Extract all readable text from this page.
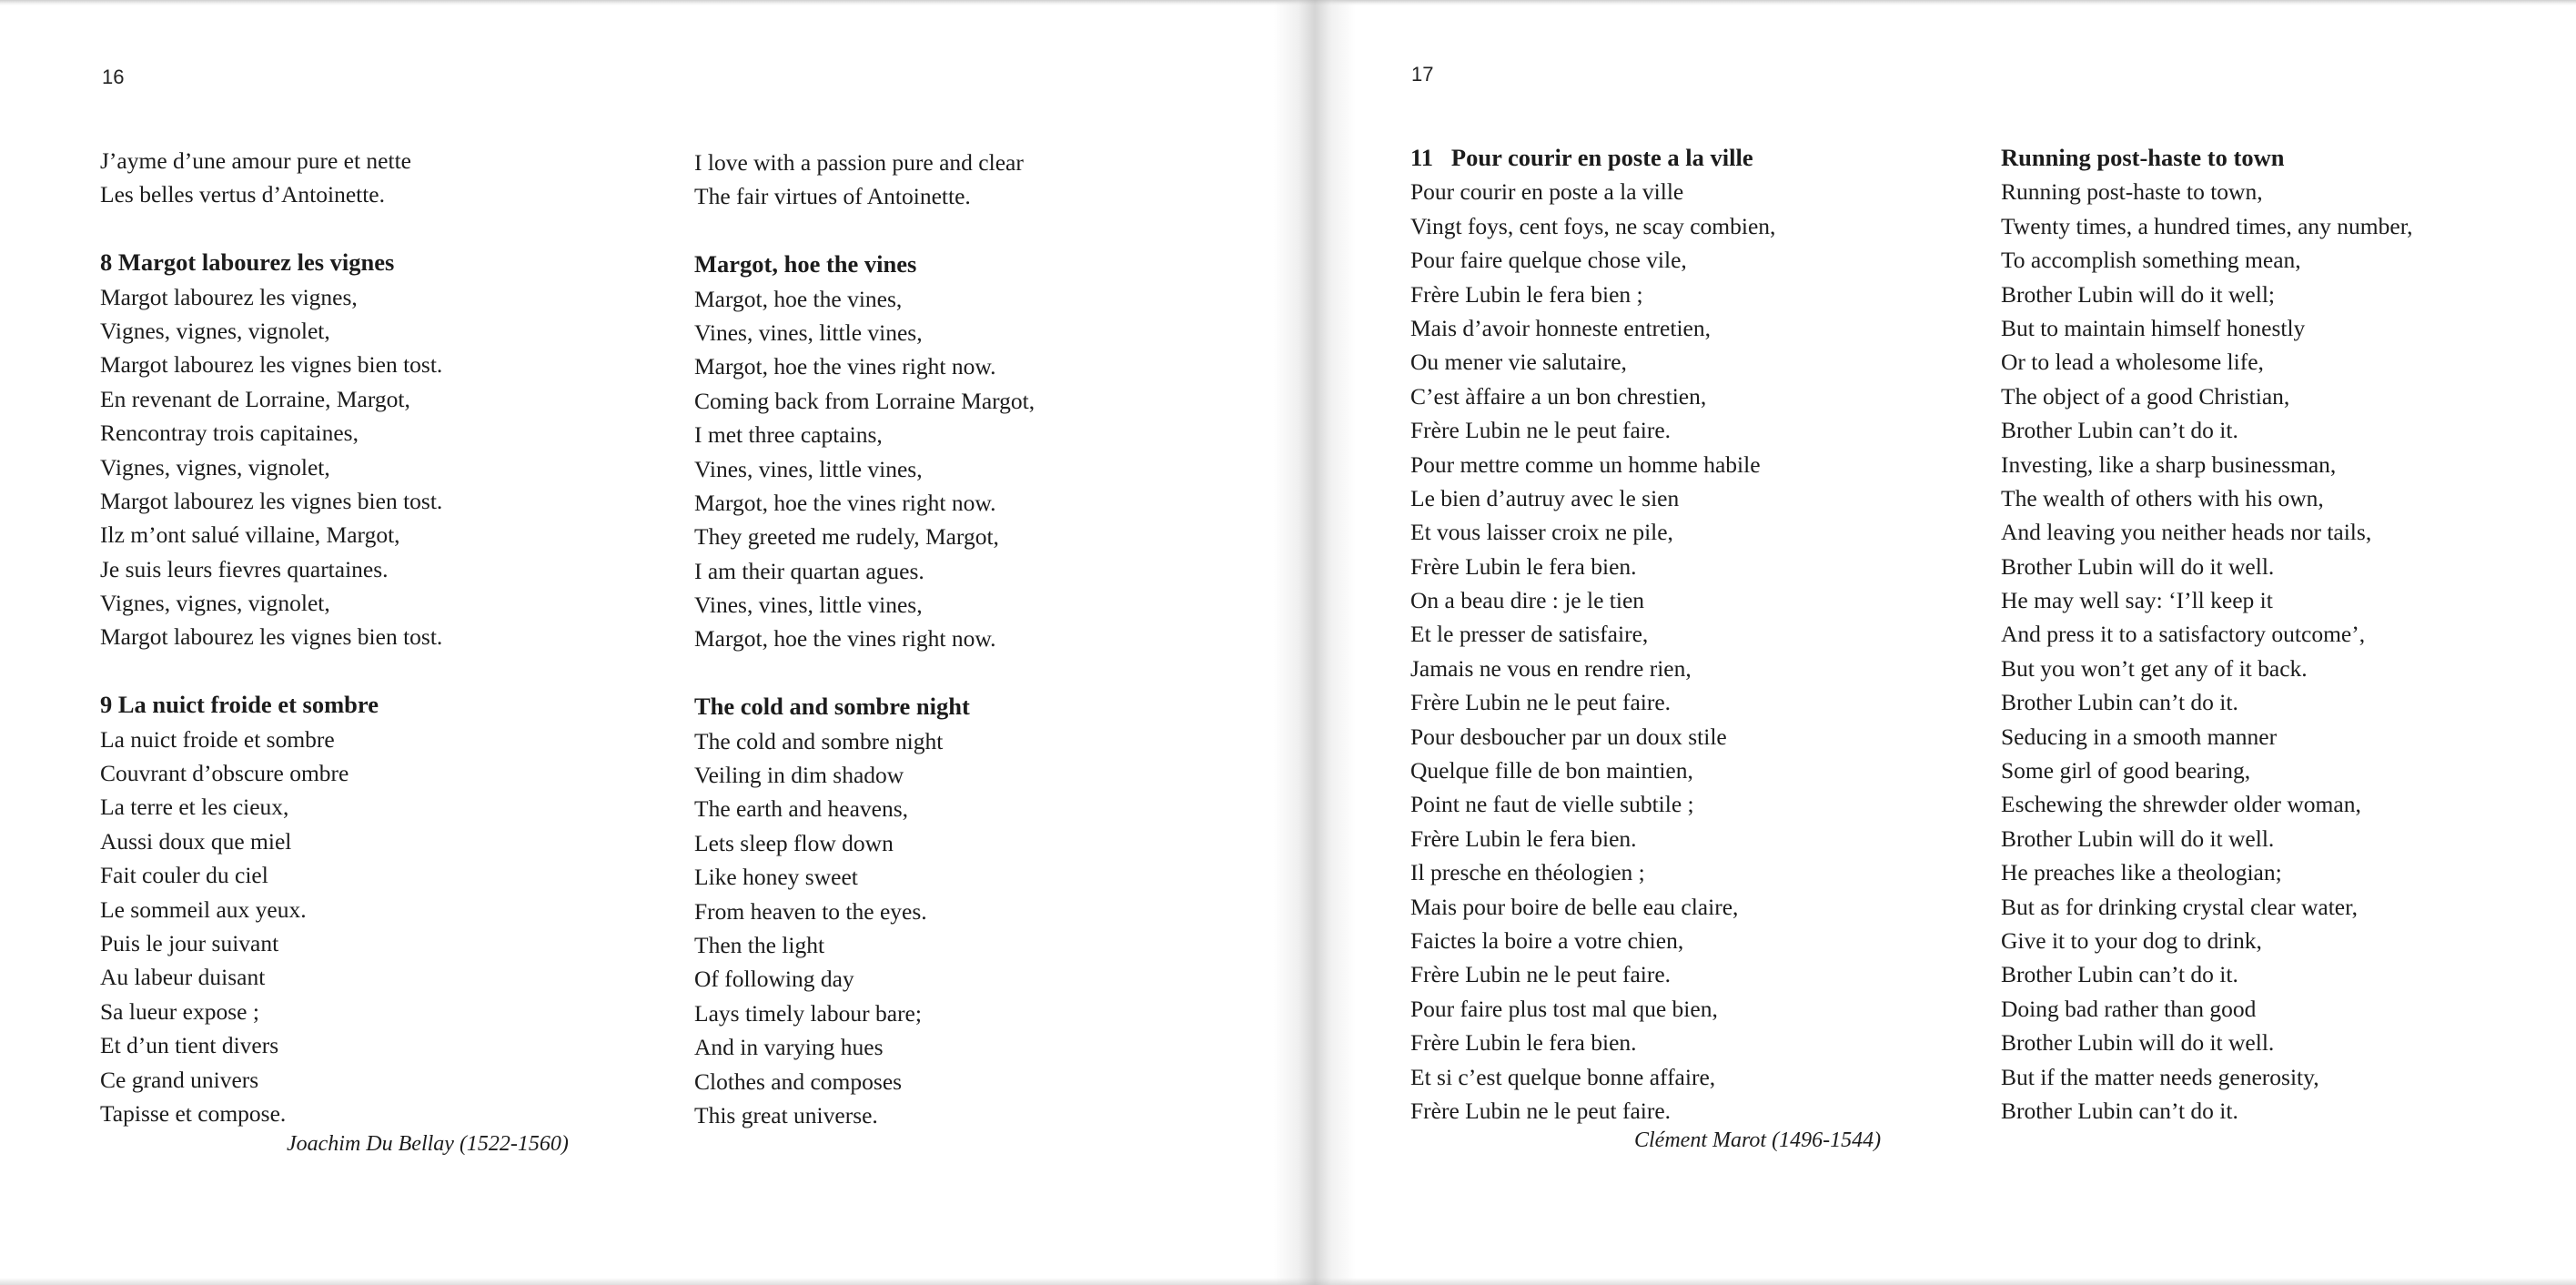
16
J’ayme d’une amour pure et nette
Les belles vertus d’Antoinette.
8 Margot labourez les vignes
Margot labourez les vignes,
Vignes, vignes, vignolet,
Margot labourez les vignes bien tost.
En revenant de Lorraine, Margot,
Rencontray trois capitaines,
Vignes, vignes, vignolet,
Margot labourez les vignes bien tost.
Ilz m’ont salué villaine, Margot,
Je suis leurs fievres quartaines.
Vignes, vignes, vignolet,
Margot labourez les vignes bien tost.
9 La nuict froide et sombre
La nuict froide et sombre
Couvrant d’obscure ombre
La terre et les cieux,
Aussi doux que miel
Fait couler du ciel
Le sommeil aux yeux.
Puis le jour suivant
Au labeur duisant
Sa lueur expose ;
Et d’un tient divers
Ce grand univers
Tapisse et compose.
Joachim Du Bellay (1522-1560)
I love with a passion pure and clear
The fair virtues of Antoinette.
Margot, hoe the vines
Margot, hoe the vines,
Vines, vines, little vines,
Margot, hoe the vines right now.
Coming back from Lorraine Margot,
I met three captains,
Vines, vines, little vines,
Margot, hoe the vines right now.
They greeted me rudely, Margot,
I am their quartan agues.
Vines, vines, little vines,
Margot, hoe the vines right now.
The cold and sombre night
The cold and sombre night
Veiling in dim shadow
The earth and heavens,
Lets sleep flow down
Like honey sweet
From heaven to the eyes.
Then the light
Of following day
Lays timely labour bare;
And in varying hues
Clothes and composes
This great universe.
17
11   Pour courir en poste a la ville
Pour courir en poste a la ville
Vingt foys, cent foys, ne scay combien,
Pour faire quelque chose vile,
Frère Lubin le fera bien ;
Mais d’avoir honneste entretien,
Ou mener vie salutaire,
C’est àffaire a un bon chrestien,
Frère Lubin ne le peut faire.
Pour mettre comme un homme habile
Le bien d’autruy avec le sien
Et vous laisser croix ne pile,
Frère Lubin le fera bien.
On a beau dire : je le tien
Et le presser de satisfaire,
Jamais ne vous en rendre rien,
Frère Lubin ne le peut faire.
Pour desboucher par un doux stile
Quelque fille de bon maintien,
Point ne faut de vielle subtile ;
Frère Lubin le fera bien.
Il presche en théologien ;
Mais pour boire de belle eau claire,
Faictes la boire a votre chien,
Frère Lubin ne le peut faire.
Pour faire plus tost mal que bien,
Frère Lubin le fera bien.
Et si c’est quelque bonne affaire,
Frère Lubin ne le peut faire.
Clément Marot (1496-1544)
Running post-haste to town
Running post-haste to town,
Twenty times, a hundred times, any number,
To accomplish something mean,
Brother Lubin will do it well;
But to maintain himself honestly
Or to lead a wholesome life,
The object of a good Christian,
Brother Lubin can’t do it.
Investing, like a sharp businessman,
The wealth of others with his own,
And leaving you neither heads nor tails,
Brother Lubin will do it well.
He may well say: ‘I’ll keep it
And press it to a satisfactory outcome’,
But you won’t get any of it back.
Brother Lubin can’t do it.
Seducing in a smooth manner
Some girl of good bearing,
Eschewing the shrewder older woman,
Brother Lubin will do it well.
He preaches like a theologian;
But as for drinking crystal clear water,
Give it to your dog to drink,
Brother Lubin can’t do it.
Doing bad rather than good
Brother Lubin will do it well.
But if the matter needs generosity,
Brother Lubin can’t do it.
